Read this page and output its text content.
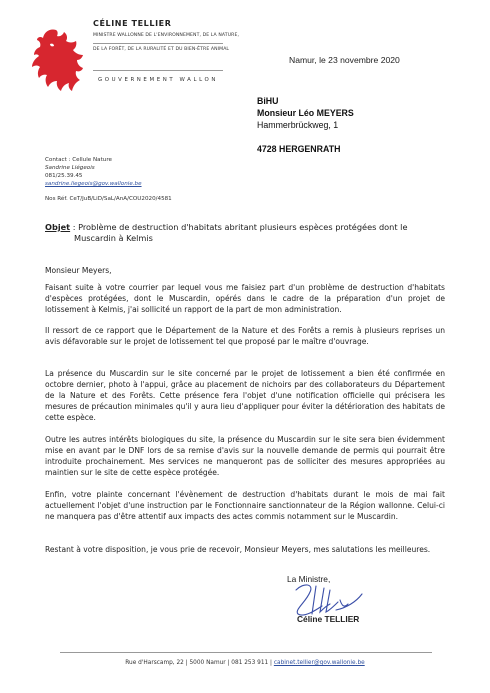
CÉLINE TELLIER
MINISTRE WALLONNE DE L'ENVIRONNEMENT, DE LA NATURE,
DE LA FORÊT, DE LA RURALITÉ ET DU BIEN-ÊTRE ANIMAL
GOUVERNEMENT WALLON
Namur, le 23 novembre 2020
BiHU
Monsieur Léo MEYERS
Hammerbrückweg, 1
4728 HERGENRATH
Contact : Cellule Nature
Sandrine Liégeois
081/25.39.45
sandrine.liegeois@gov.wallonie.be
Nos Réf. CeT/JuB/LiD/SaL/AnA/COU2020/4581
Objet : Problème de destruction d'habitats abritant plusieurs espèces protégées dont le
Muscardin à Kelmis
Monsieur Meyers,
Faisant suite à votre courrier par lequel vous me faisiez part d'un problème de destruction d'habitats d'espèces protégées, dont le Muscardin, opérés dans le cadre de la préparation d'un projet de lotissement à Kelmis, j'ai sollicité un rapport de la part de mon administration.
Il ressort de ce rapport que le Département de la Nature et des Forêts a remis à plusieurs reprises un avis défavorable sur le projet de lotissement tel que proposé par le maître d'ouvrage.
La présence du Muscardin sur le site concerné par le projet de lotissement a bien été confirmée en octobre dernier, photo à l'appui, grâce au placement de nichoirs par des collaborateurs du Département de la Nature et des Forêts. Cette présence fera l'objet d'une notification officielle qui précisera les mesures de précaution minimales qu'il y aura lieu d'appliquer pour éviter la détérioration des habitats de cette espèce.
Outre les autres intérêts biologiques du site, la présence du Muscardin sur le site sera bien évidemment mise en avant par le DNF lors de sa remise d'avis sur la nouvelle demande de permis qui pourrait être introduite prochainement. Mes services ne manqueront pas de solliciter des mesures appropriées au maintien sur le site de cette espèce protégée.
Enfin, votre plainte concernant l'évènement de destruction d'habitats durant le mois de mai fait actuellement l'objet d'une instruction par le Fonctionnaire sanctionnateur de la Région wallonne. Celui-ci ne manquera pas d'être attentif aux impacts des actes commis notamment sur le Muscardin.
Restant à votre disposition, je vous prie de recevoir, Monsieur Meyers, mes salutations les meilleures.
La Ministre,
Céline TELLIER
Rue d'Harscamp, 22 | 5000 Namur | 081 253 911 | cabinet.tellier@gov.wallonie.be
